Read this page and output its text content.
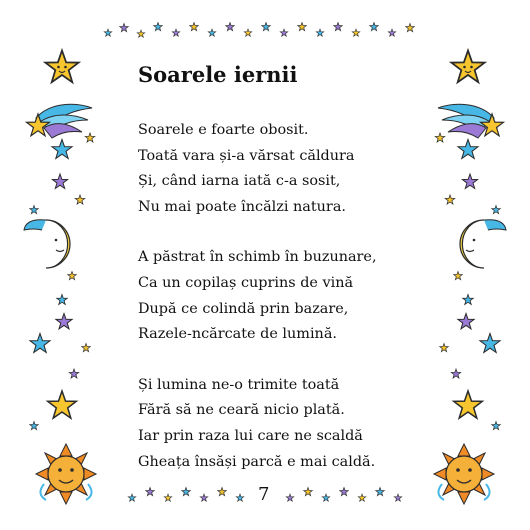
Soarele iernii
Soarele e foarte obosit.
Toată vara și-a vărsat căldura
Și, când iarna iată c-a sosit,
Nu mai poate încălzi natura.
A păstrat în schimb în buzunare,
Ca un copilaș cuprins de vină
După ce colindă prin bazare,
Razele-ncărcate de lumină.
Și lumina ne-o trimite toată
Fără să ne ceară nicio plată.
Iar prin raza lui care ne scaldă
Gheața însăși parcă e mai caldă.
7
